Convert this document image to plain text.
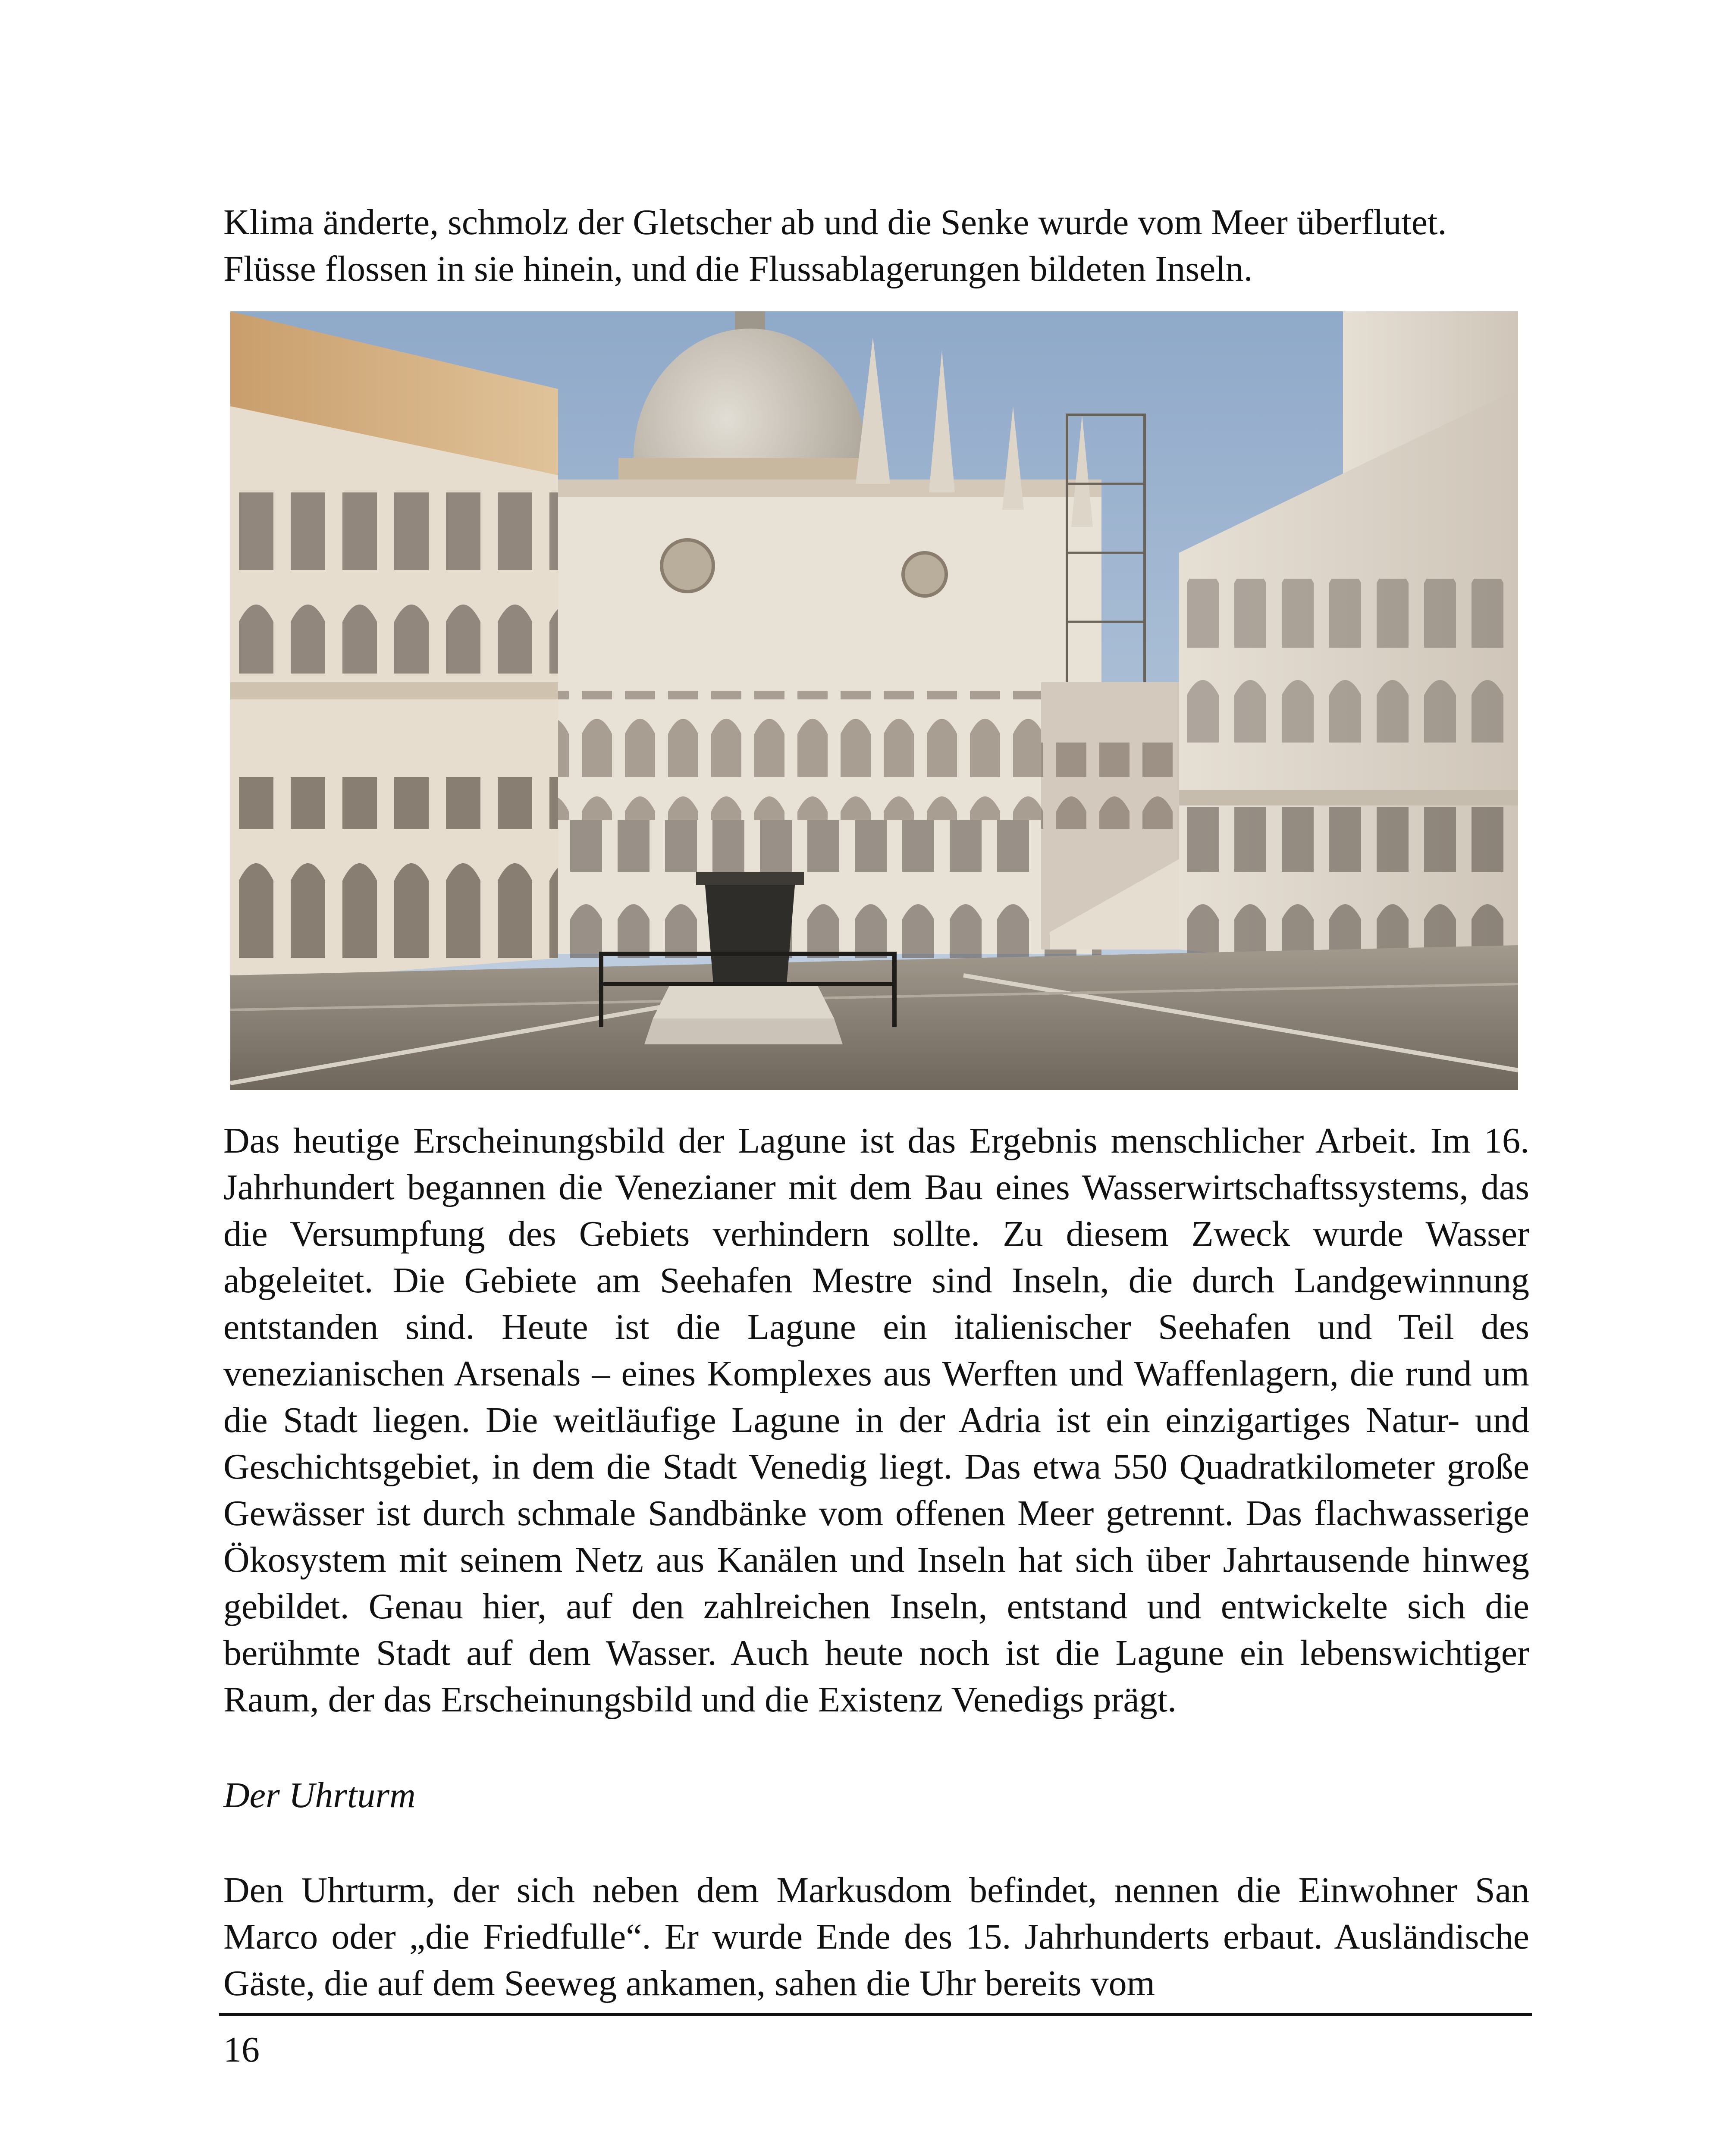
Klima änderte, schmolz der Gletscher ab und die Senke wurde vom Meer überflutet. Flüsse flossen in sie hinein, und die Flussablagerungen bildeten Inseln.

Das heutige Erscheinungsbild der Lagune ist das Ergebnis menschlicher Arbeit. Im 16. Jahrhundert begannen die Venezianer mit dem Bau eines Wasserwirtschaftssystems, das die Versumpfung des Gebiets verhindern sollte. Zu diesem Zweck wurde Wasser abgeleitet. Die Gebiete am Seehafen Mestre sind Inseln, die durch Landgewinnung entstanden sind. Heute ist die Lagune ein italienischer Seehafen und Teil des venezianischen Arsenals – eines Komplexes aus Werften und Waffenlagern, die rund um die Stadt liegen. Die weitläufige Lagune in der Adria ist ein einzigartiges Natur- und Geschichtsgebiet, in dem die Stadt Venedig liegt. Das etwa 550 Quadratkilometer große Gewässer ist durch schmale Sandbänke vom offenen Meer getrennt. Das flachwasserige Ökosystem mit seinem Netz aus Kanälen und Inseln hat sich über Jahrtausende hinweg gebildet. Genau hier, auf den zahlreichen Inseln, entstand und entwickelte sich die berühmte Stadt auf dem Wasser. Auch heute noch ist die Lagune ein lebenswichtiger Raum, der das Erscheinungsbild und die Existenz Venedigs prägt.

Der Uhrturm

Den Uhrturm, der sich neben dem Markusdom befindet, nennen die Einwohner San Marco oder „die Friedfulle“. Er wurde Ende des 15. Jahrhunderts erbaut. Ausländische Gäste, die auf dem Seeweg ankamen, sahen die Uhr bereits vom

16
